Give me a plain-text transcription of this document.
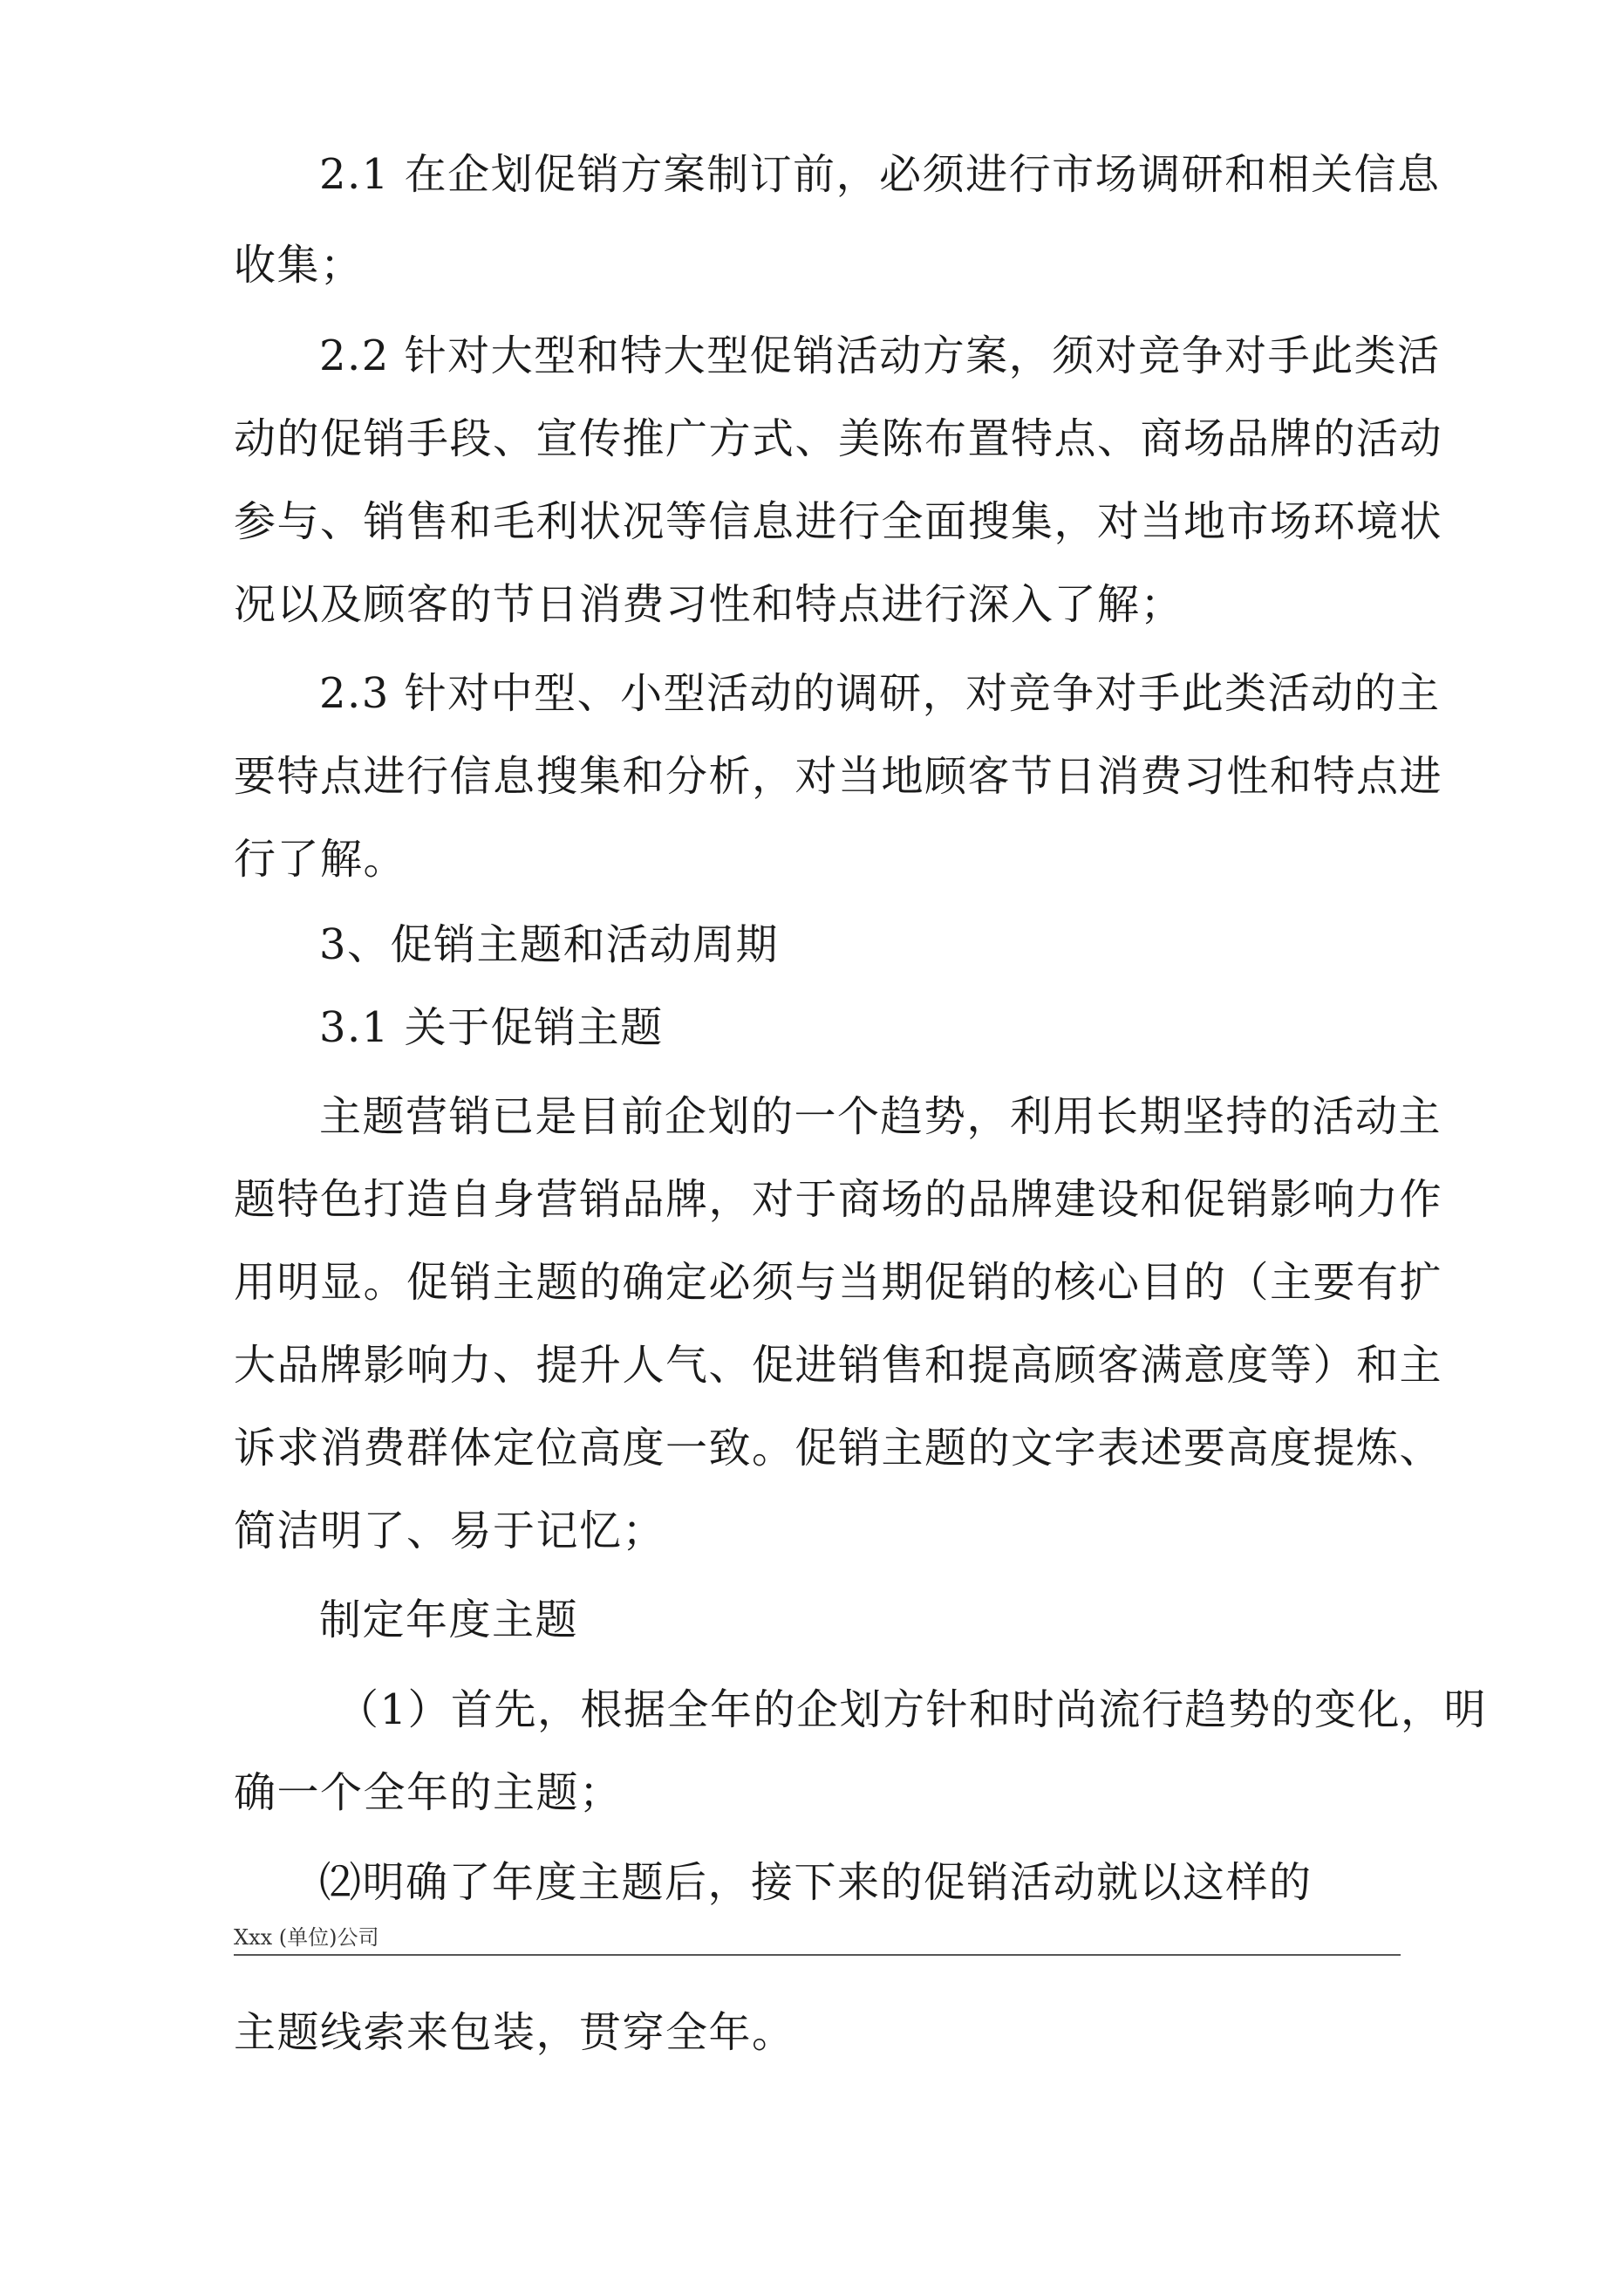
2.1 在企划促销方案制订前，必须进行市场调研和相关信息
收集；
2.2 针对大型和特大型促销活动方案，须对竞争对手此类活
动的促销手段、宣传推广方式、美陈布置特点、商场品牌的活动
参与、销售和毛利状况等信息进行全面搜集，对当地市场环境状
况以及顾客的节日消费习性和特点进行深入了解；
2.3 针对中型、小型活动的调研，对竞争对手此类活动的主
要特点进行信息搜集和分析，对当地顾客节日消费习性和特点进
行了解。
3、促销主题和活动周期
3.1 关于促销主题
主题营销已是目前企划的一个趋势，利用长期坚持的活动主
题特色打造自身营销品牌，对于商场的品牌建设和促销影响力作
用明显。促销主题的确定必须与当期促销的核心目的（主要有扩
大品牌影响力、提升人气、促进销售和提高顾客满意度等）和主
诉求消费群体定位高度一致。促销主题的文字表述要高度提炼、
简洁明了、易于记忆；
制定年度主题
（1）首先，根据全年的企划方针和时尚流行趋势的变化，明
确一个全年的主题；
⑵明确了年度主题后，接下来的促销活动就以这样的
Xxx (单位)公司
主题线索来包装，贯穿全年。
